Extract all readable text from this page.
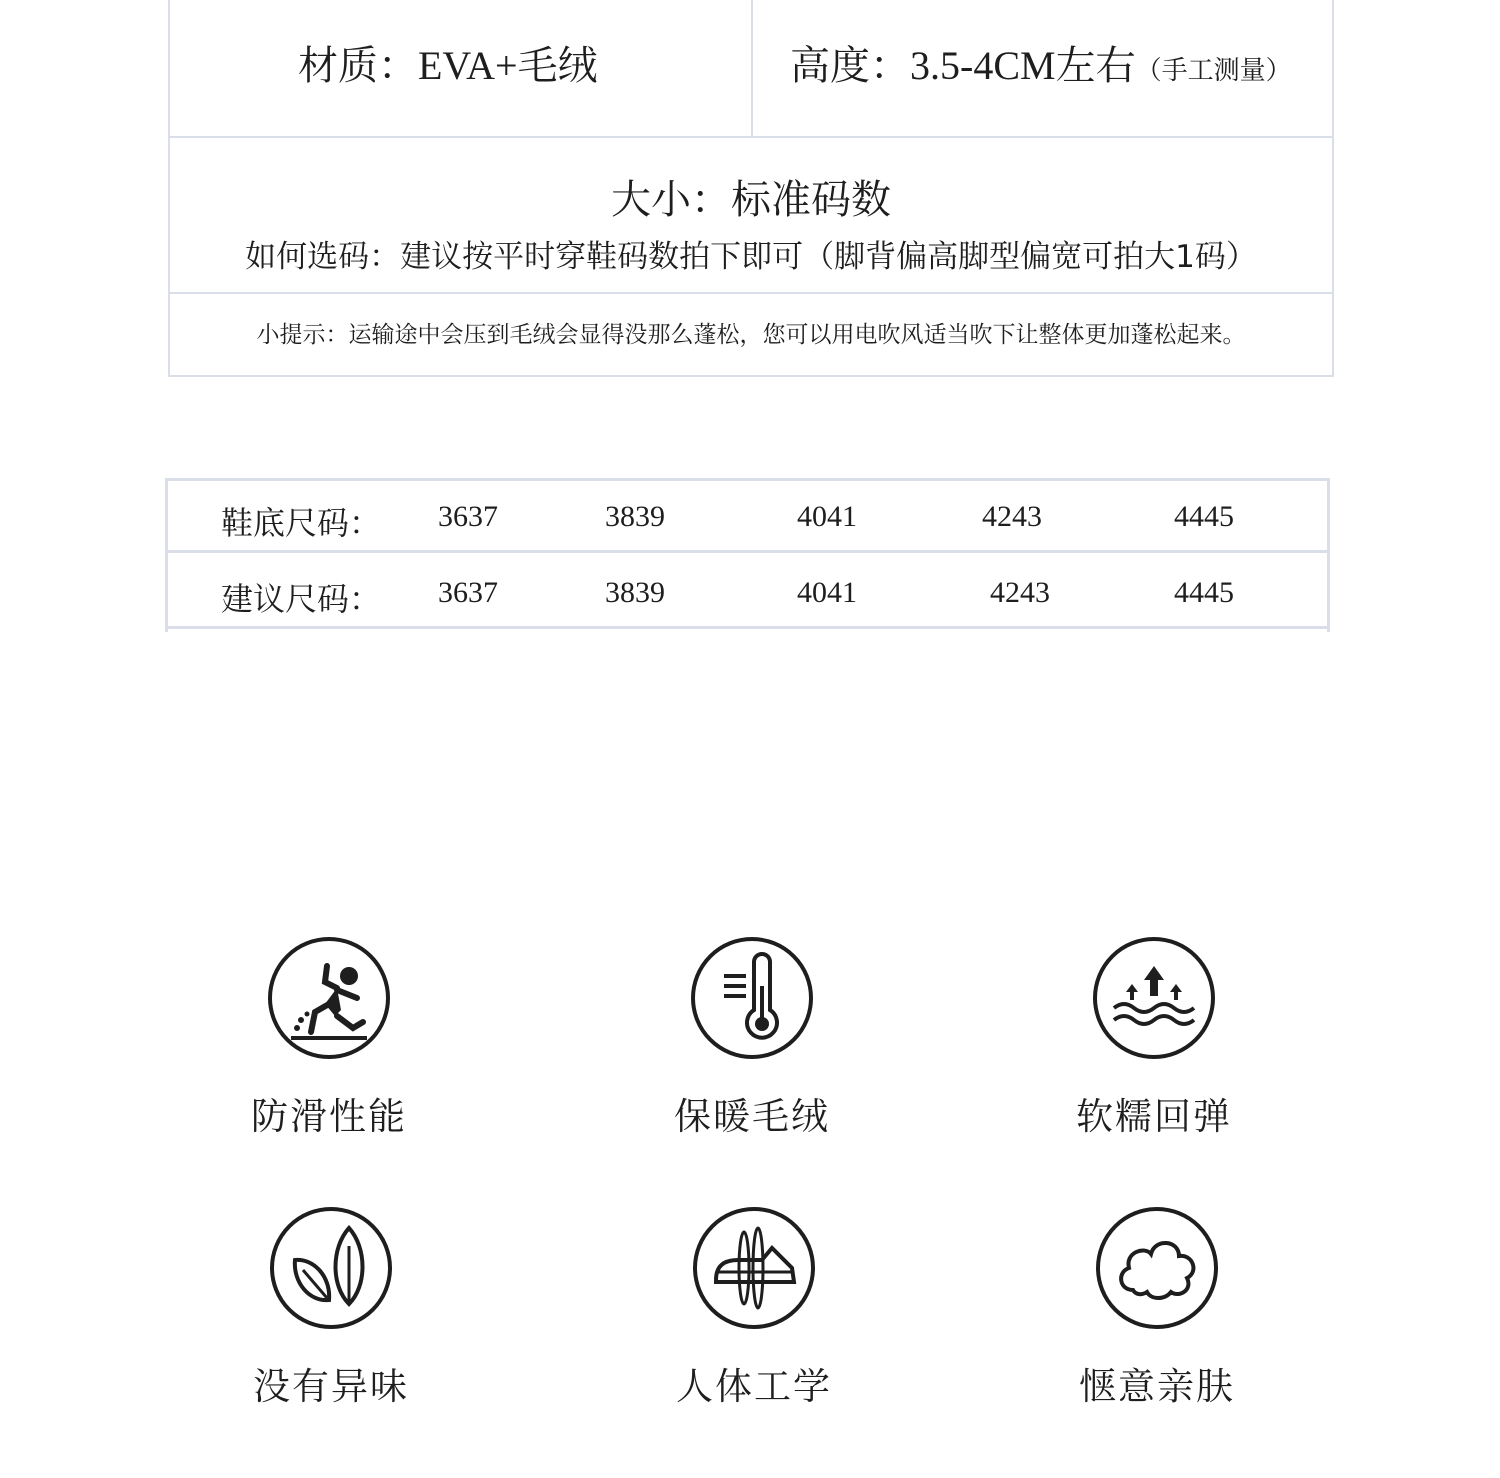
材质：EVA+毛绒	高度：3.5-4CM左右（手工测量）
大小：标准码数
如何选码：建议按平时穿鞋码数拍下即可（脚背偏高脚型偏宽可拍大1码）
小提示：运输途中会压到毛绒会显得没那么蓬松，您可以用电吹风适当吹下让整体更加蓬松起来。
鞋底尺码： 3637	3839	4041	4243	4445
建议尺码： 3637	3839	4041	4243	4445
防滑性能	保暖毛绒	软糯回弹
没有异味	人体工学	惬意亲肤
